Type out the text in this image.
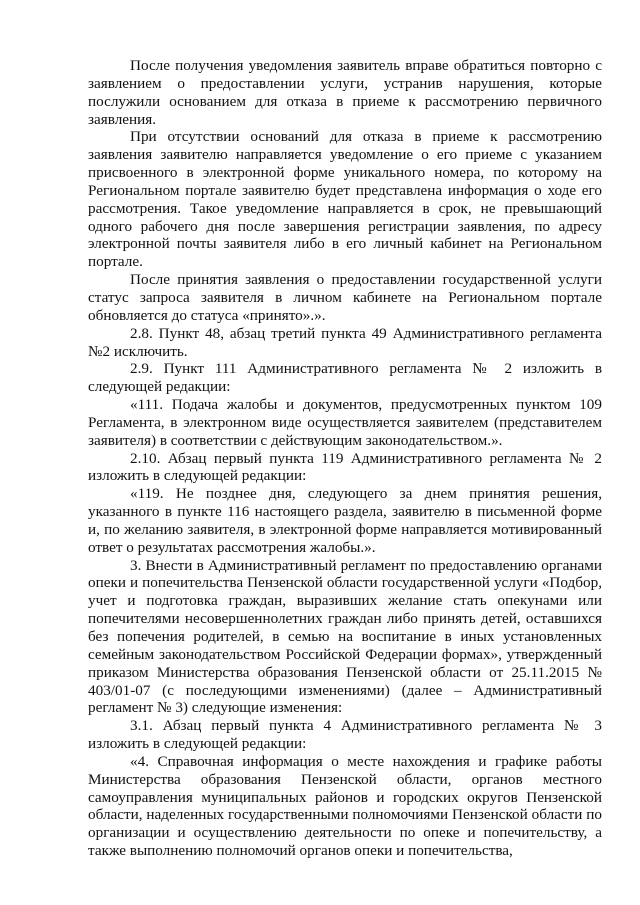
После получения уведомления заявитель вправе обратиться повторно с заявлением о предоставлении услуги, устранив нарушения, которые послужили основанием для отказа в приеме к рассмотрению первичного заявления.

При отсутствии оснований для отказа в приеме к рассмотрению заявления заявителю направляется уведомление о его приеме с указанием присвоенного в электронной форме уникального номера, по которому на Региональном портале заявителю будет представлена информация о ходе его рассмотрения. Такое уведомление направляется в срок, не превышающий одного рабочего дня после завершения регистрации заявления, по адресу электронной почты заявителя либо в его личный кабинет на Региональном портале.

После принятия заявления о предоставлении государственной услуги статус запроса заявителя в личном кабинете на Региональном портале обновляется до статуса «принято».».

2.8. Пункт 48, абзац третий пункта 49 Административного регламента №2 исключить.

2.9. Пункт 111 Административного регламента № 2 изложить в следующей редакции:

«111. Подача жалобы и документов, предусмотренных пунктом 109 Регламента, в электронном виде осуществляется заявителем (представителем заявителя) в соответствии с действующим законодательством.».

2.10. Абзац первый пункта 119 Административного регламента № 2 изложить в следующей редакции:

«119. Не позднее дня, следующего за днем принятия решения, указанного в пункте 116 настоящего раздела, заявителю в письменной форме и, по желанию заявителя, в электронной форме направляется мотивированный ответ о результатах рассмотрения жалобы.».

3. Внести в Административный регламент по предоставлению органами опеки и попечительства Пензенской области государственной услуги «Подбор, учет и подготовка граждан, выразивших желание стать опекунами или попечителями несовершеннолетних граждан либо принять детей, оставшихся без попечения родителей, в семью на воспитание в иных установленных семейным законодательством Российской Федерации формах», утвержденный приказом Министерства образования Пензенской области от 25.11.2015 № 403/01-07 (с последующими изменениями) (далее – Административный регламент № 3) следующие изменения:

3.1. Абзац первый пункта 4 Административного регламента № 3 изложить в следующей редакции:

«4. Справочная информация о месте нахождения и графике работы Министерства образования Пензенской области, органов местного самоуправления муниципальных районов и городских округов Пензенской области, наделенных государственными полномочиями Пензенской области по организации и осуществлению деятельности по опеке и попечительству, а также выполнению полномочий органов опеки и попечительства,
